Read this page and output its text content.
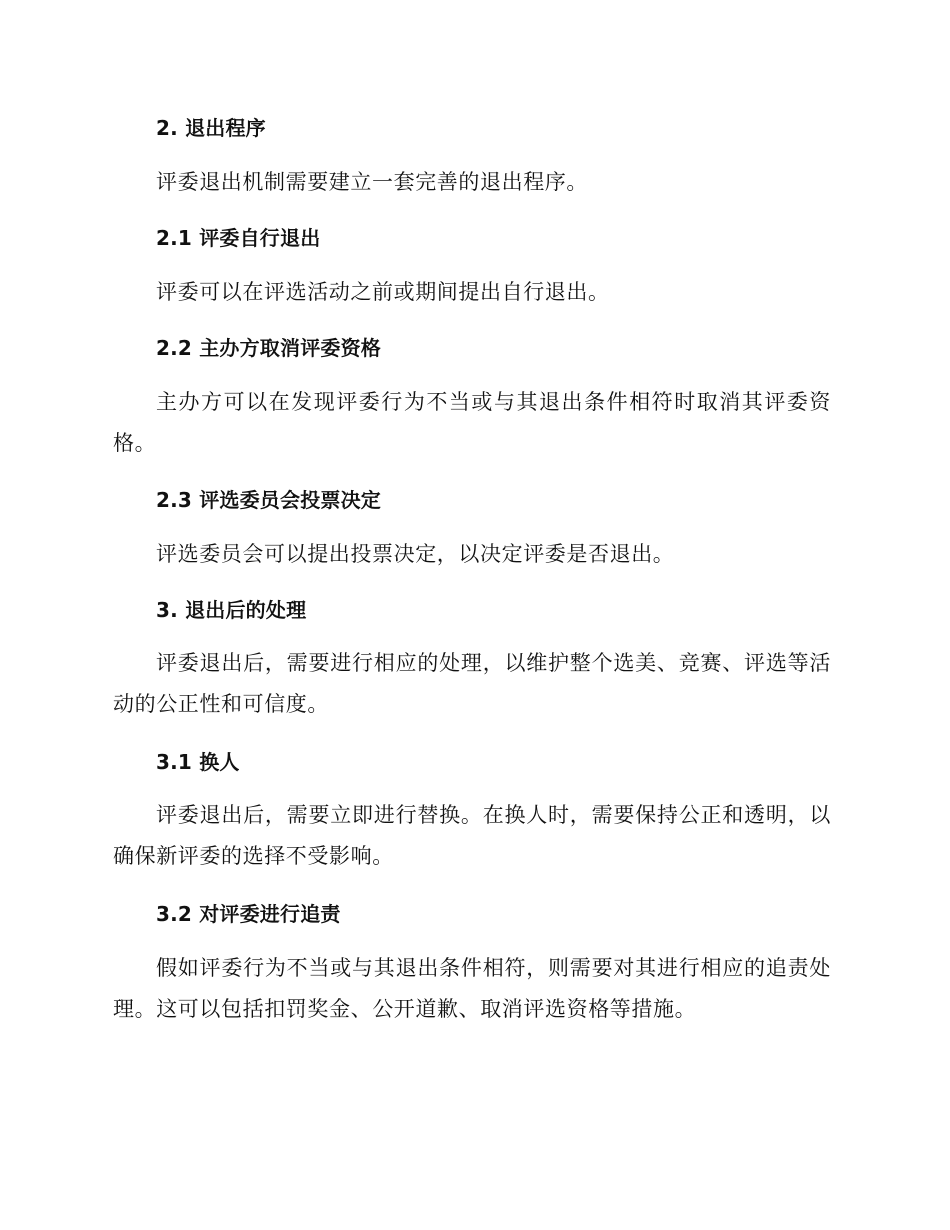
2. 退出程序

评委退出机制需要建立一套完善的退出程序。

2.1 评委自行退出

评委可以在评选活动之前或期间提出自行退出。

2.2 主办方取消评委资格

主办方可以在发现评委行为不当或与其退出条件相符时取消其评委资格。

2.3 评选委员会投票决定

评选委员会可以提出投票决定，以决定评委是否退出。

3. 退出后的处理

评委退出后，需要进行相应的处理，以维护整个选美、竞赛、评选等活动的公正性和可信度。

3.1 换人

评委退出后，需要立即进行替换。在换人时，需要保持公正和透明，以确保新评委的选择不受影响。

3.2 对评委进行追责

假如评委行为不当或与其退出条件相符，则需要对其进行相应的追责处理。这可以包括扣罚奖金、公开道歉、取消评选资格等措施。
